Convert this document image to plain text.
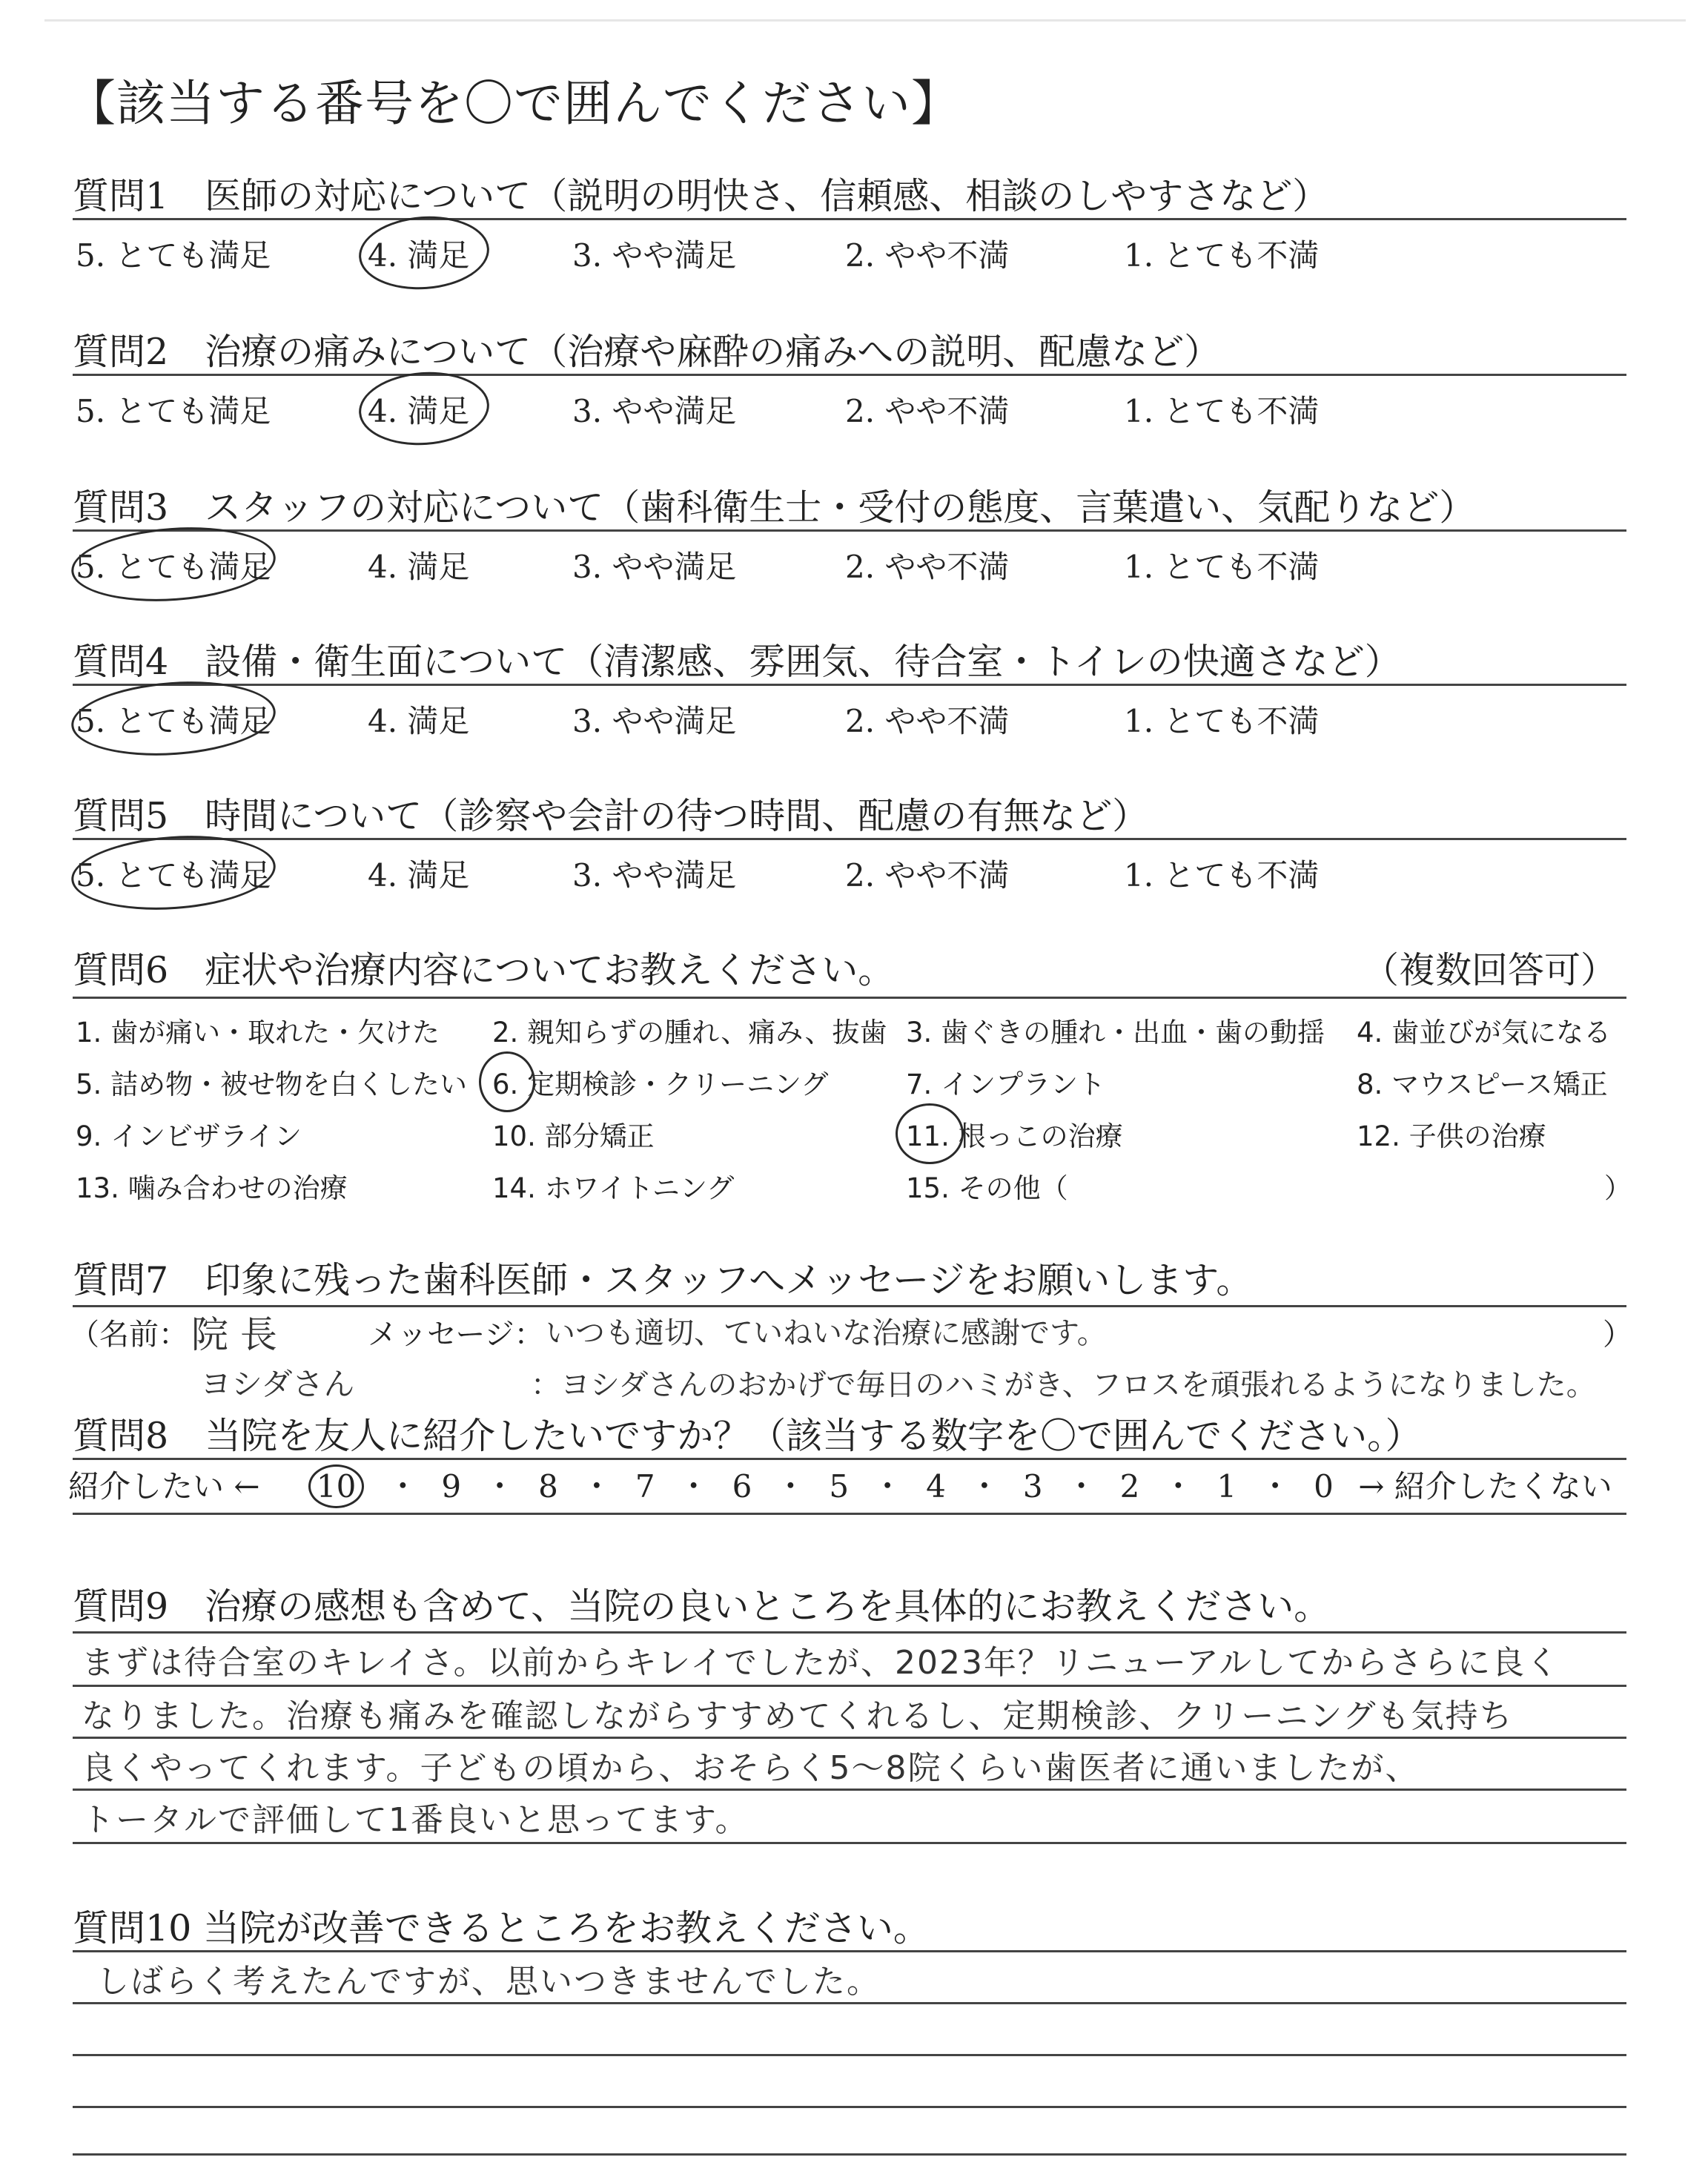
【該当する番号を〇で囲んでください】
質問1　医師の対応について（説明の明快さ、信頼感、相談のしやすさなど）
5. とても満足	4. 満足	3. やや満足	2. やや不満	1. とても不満
質問2　治療の痛みについて（治療や麻酔の痛みへの説明、配慮など）
5. とても満足	4. 満足	3. やや満足	2. やや不満	1. とても不満
質問3　スタッフの対応について（歯科衛生士・受付の態度、言葉遣い、気配りなど）
5. とても満足	4. 満足	3. やや満足	2. やや不満	1. とても不満
質問4　設備・衛生面について（清潔感、雰囲気、待合室・トイレの快適さなど）
5. とても満足	4. 満足	3. やや満足	2. やや不満	1. とても不満
質問5　時間について（診察や会計の待つ時間、配慮の有無など）
5. とても満足	4. 満足	3. やや満足	2. やや不満	1. とても不満
質問6　症状や治療内容についてお教えください。	（複数回答可）
1. 歯が痛い・取れた・欠けた 2. 親知らずの腫れ、痛み、抜歯 3. 歯ぐきの腫れ・出血・歯の動揺 4. 歯並びが気になる
5. 詰め物・被せ物を白くしたい 6. 定期検診・クリーニング	7. インプラント	8. マウスピース矯正
9. インビザライン	10. 部分矯正	11. 根っこの治療	12. 子供の治療
13. 噛み合わせの治療	14. ホワイトニング	15. その他（	）
質問7　印象に残った歯科医師・スタッフへメッセージをお願いします。
（名前： 院 長	メッセージ： いつも適切、ていねいな治療に感謝です。	）
ヨシダさん	：ヨシダさんのおかげで毎日のハミがき、フロスを頑張れるようになりました。
質問8　当院を友人に紹介したいですか？（該当する数字を〇で囲んでください。）
紹介したい ← 10 ・ 9 ・ 8 ・ 7 ・ 6 ・ 5 ・ 4 ・ 3 ・ 2 ・ 1 ・ 0 → 紹介したくない
質問9　治療の感想も含めて、当院の良いところを具体的にお教えください。
まずは待合室のキレイさ。以前からキレイでしたが、2023年？リニューアルしてからさらに良く
なりました。治療も痛みを確認しながらすすめてくれるし、定期検診、クリーニングも気持ち
良くやってくれます。子どもの頃から、おそらく5〜8院くらい歯医者に通いましたが、
トータルで評価して1番良いと思ってます。
質問10 当院が改善できるところをお教えください。
しばらく考えたんですが、思いつきませんでした。
